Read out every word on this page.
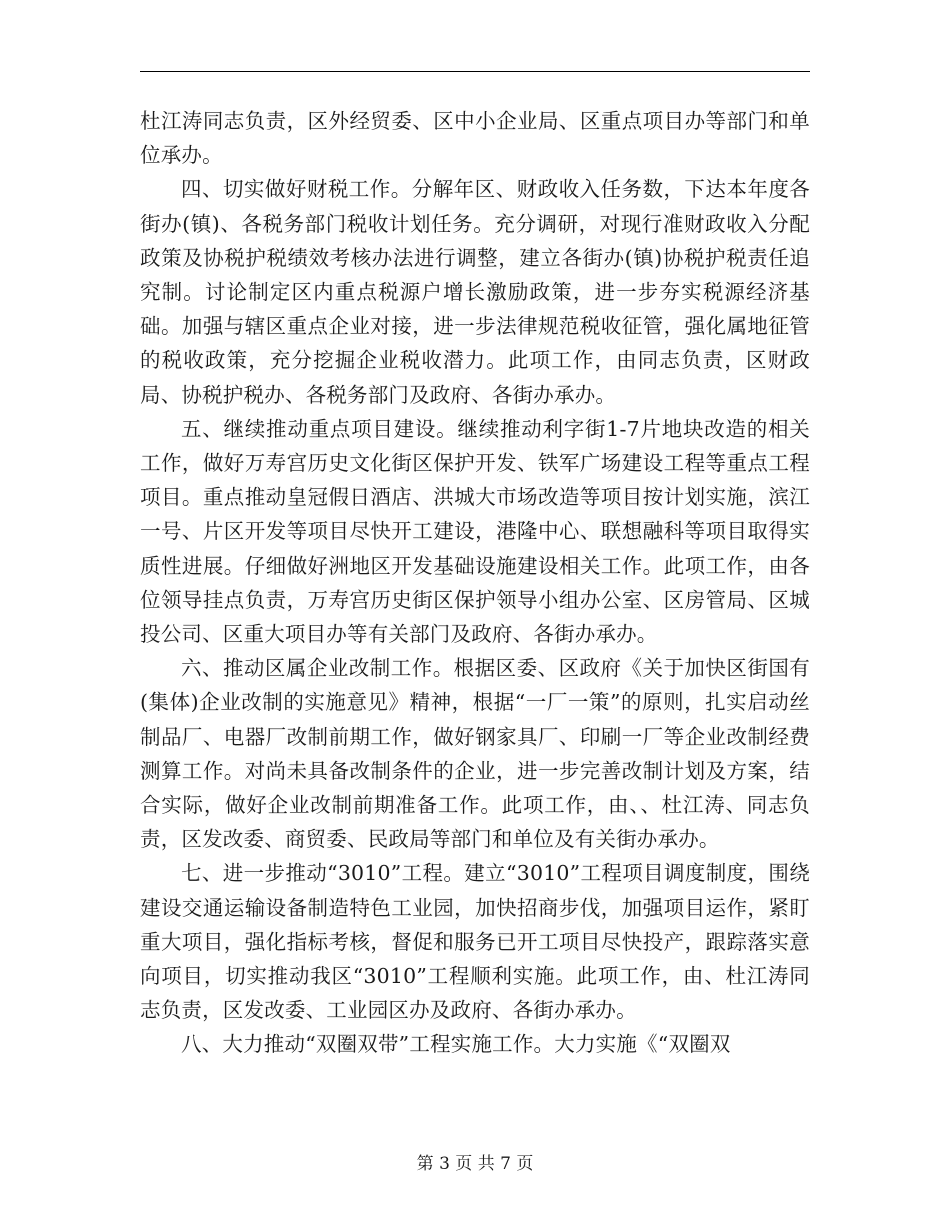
杜江涛同志负责，区外经贸委、区中小企业局、区重点项目办等部门和单位承办。

四、切实做好财税工作。分解年区、财政收入任务数，下达本年度各街办(镇)、各税务部门税收计划任务。充分调研，对现行准财政收入分配政策及协税护税绩效考核办法进行调整，建立各街办(镇)协税护税责任追究制。讨论制定区内重点税源户增长激励政策，进一步夯实税源经济基础。加强与辖区重点企业对接，进一步法律规范税收征管，强化属地征管的税收政策，充分挖掘企业税收潜力。此项工作，由同志负责，区财政局、协税护税办、各税务部门及政府、各街办承办。

五、继续推动重点项目建设。继续推动利字街1-7片地块改造的相关工作，做好万寿宫历史文化街区保护开发、铁军广场建设工程等重点工程项目。重点推动皇冠假日酒店、洪城大市场改造等项目按计划实施，滨江一号、片区开发等项目尽快开工建设，港隆中心、联想融科等项目取得实质性进展。仔细做好洲地区开发基础设施建设相关工作。此项工作，由各位领导挂点负责，万寿宫历史街区保护领导小组办公室、区房管局、区城投公司、区重大项目办等有关部门及政府、各街办承办。

六、推动区属企业改制工作。根据区委、区政府《关于加快区街国有(集体)企业改制的实施意见》精神，根据“一厂一策”的原则，扎实启动丝制品厂、电器厂改制前期工作，做好钢家具厂、印刷一厂等企业改制经费测算工作。对尚未具备改制条件的企业，进一步完善改制计划及方案，结合实际，做好企业改制前期准备工作。此项工作，由、、杜江涛、同志负责，区发改委、商贸委、民政局等部门和单位及有关街办承办。

七、进一步推动“3010”工程。建立“3010”工程项目调度制度，围绕建设交通运输设备制造特色工业园，加快招商步伐，加强项目运作，紧盯重大项目，强化指标考核，督促和服务已开工项目尽快投产，跟踪落实意向项目，切实推动我区“3010”工程顺利实施。此项工作，由、杜江涛同志负责，区发改委、工业园区办及政府、各街办承办。

八、大力推动“双圈双带”工程实施工作。大力实施《“双圈双

第 3 页 共 7 页
